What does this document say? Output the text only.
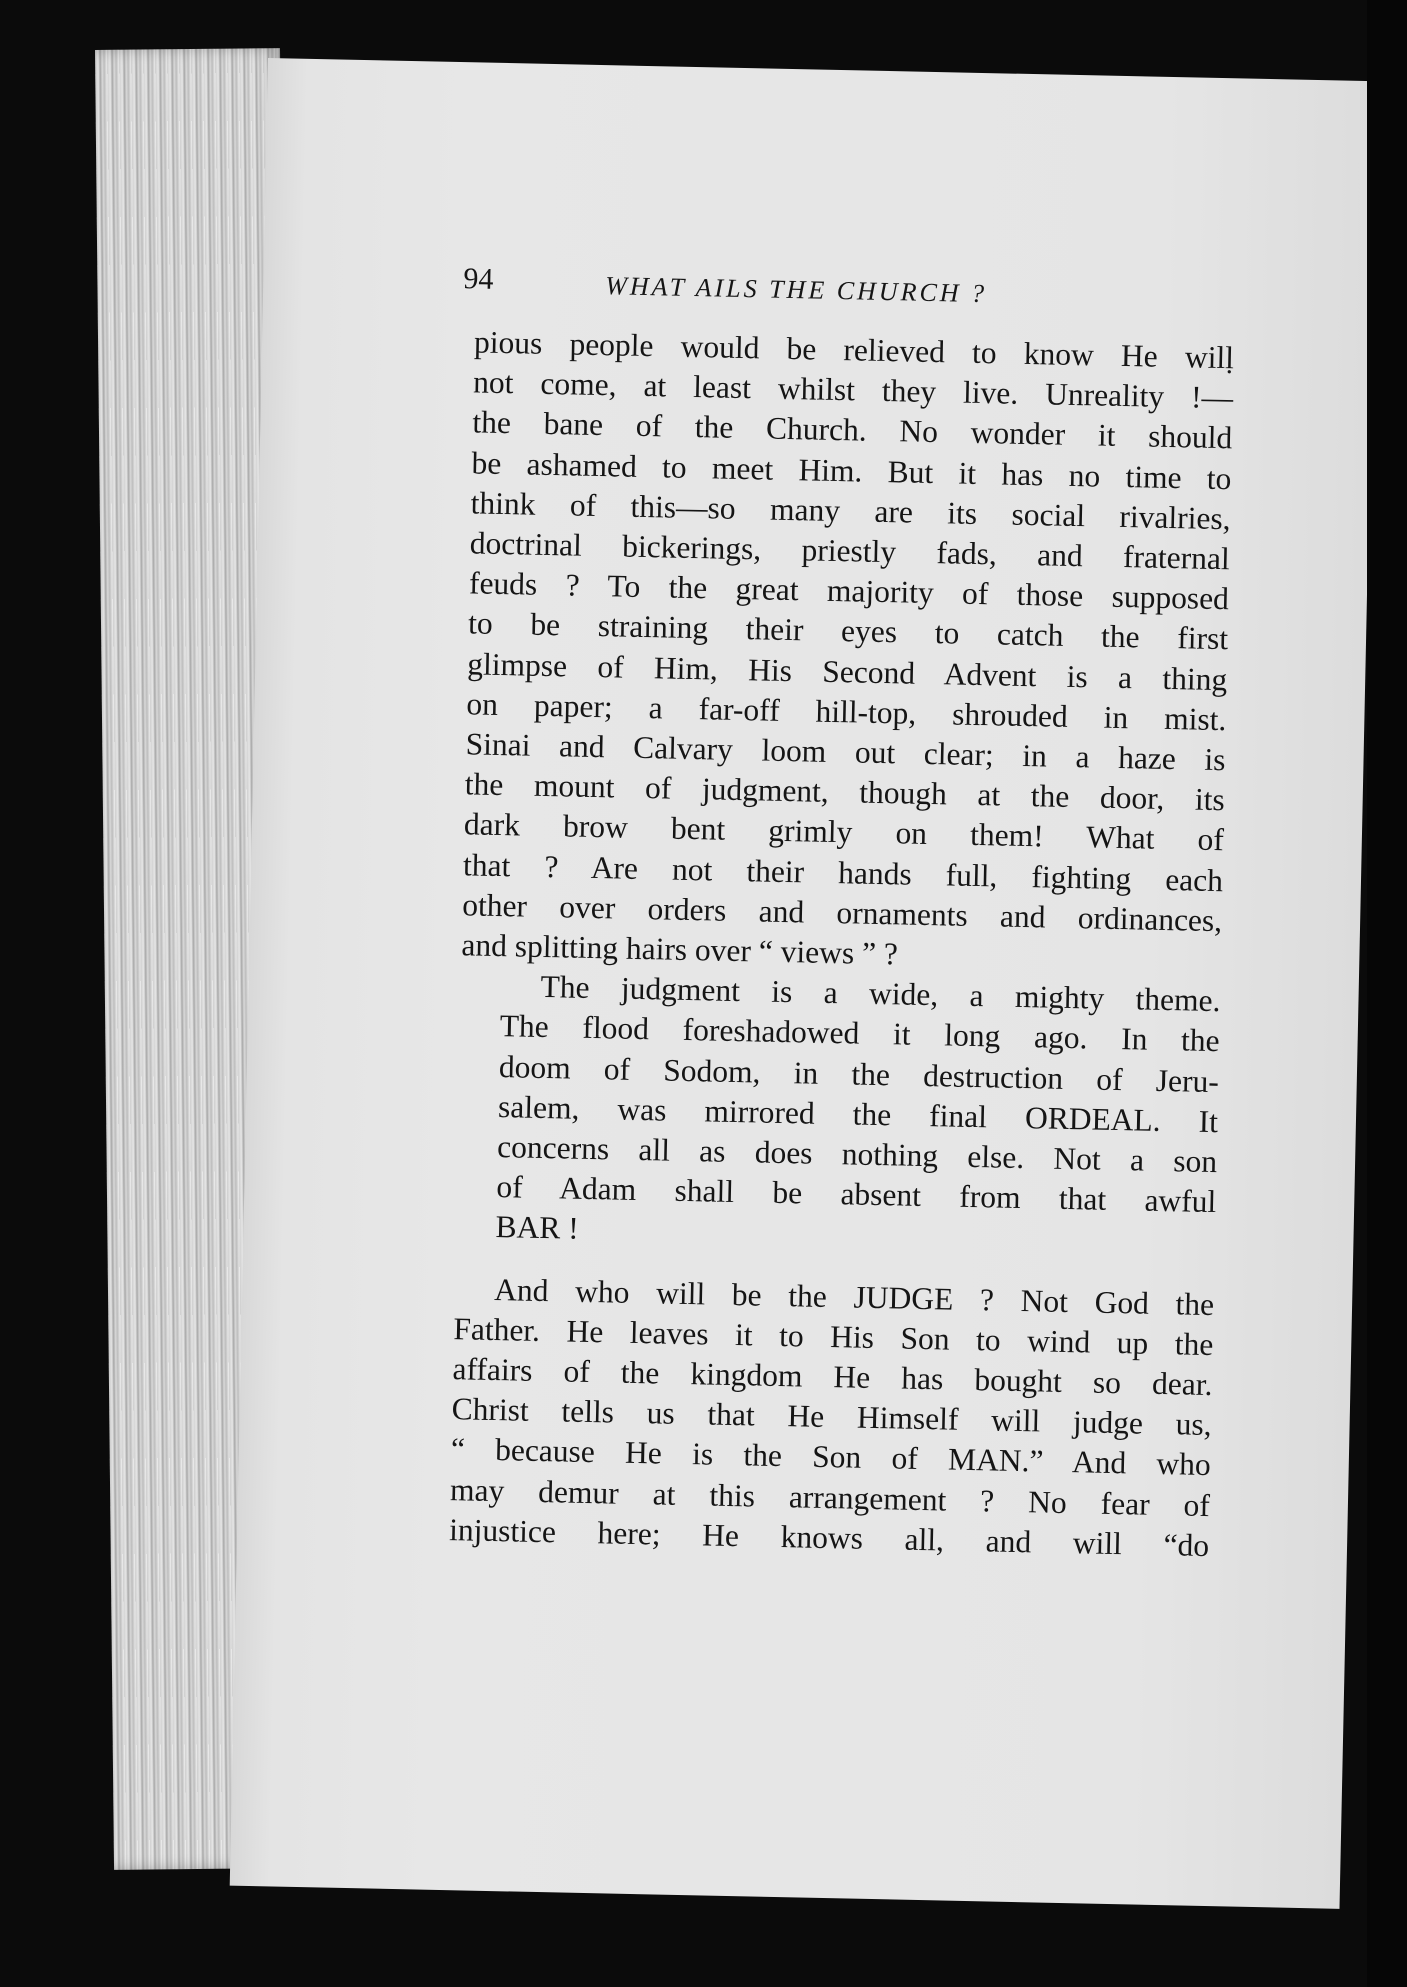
94	WHAT AILS THE CHURCH ?

pious people would be relieved to know He wilḷ
not come, at least whilst they live. Unreality !—
the bane of the Church. No wonder it should
be ashamed to meet Him. But it has no time to
think of this—so many are its social rivalries,
doctrinal bickerings, priestly fads, and fraternal
feuds ? To the great majority of those supposed
to be straining their eyes to catch the first
glimpse of Him, His Second Advent is a thing
on paper; a far-off hill-top, shrouded in mist.
Sinai and Calvary loom out clear; in a haze is
the mount of judgment, though at the door, its
dark brow bent grimly on them! What of
that ? Are not their hands full, fighting each
other over orders and ornaments and ordinances,
and splitting hairs over “ views ” ?

The judgment is a wide, a mighty theme.
The flood foreshadowed it long ago. In the
doom of Sodom, in the destruction of Jeru-
salem, was mirrored the final ORDEAL. It
concerns all as does nothing else. Not a son
of Adam shall be absent from that awful
BAR !

And who will be the JUDGE ? Not God the
Father. He leaves it to His Son to wind up the
affairs of the kingdom He has bought so dear.
Christ tells us that He Himself will judge us,
“ because He is the Son of MAN.” And who
may demur at this arrangement ? No fear of
injustice here; He knows all, and will “do
